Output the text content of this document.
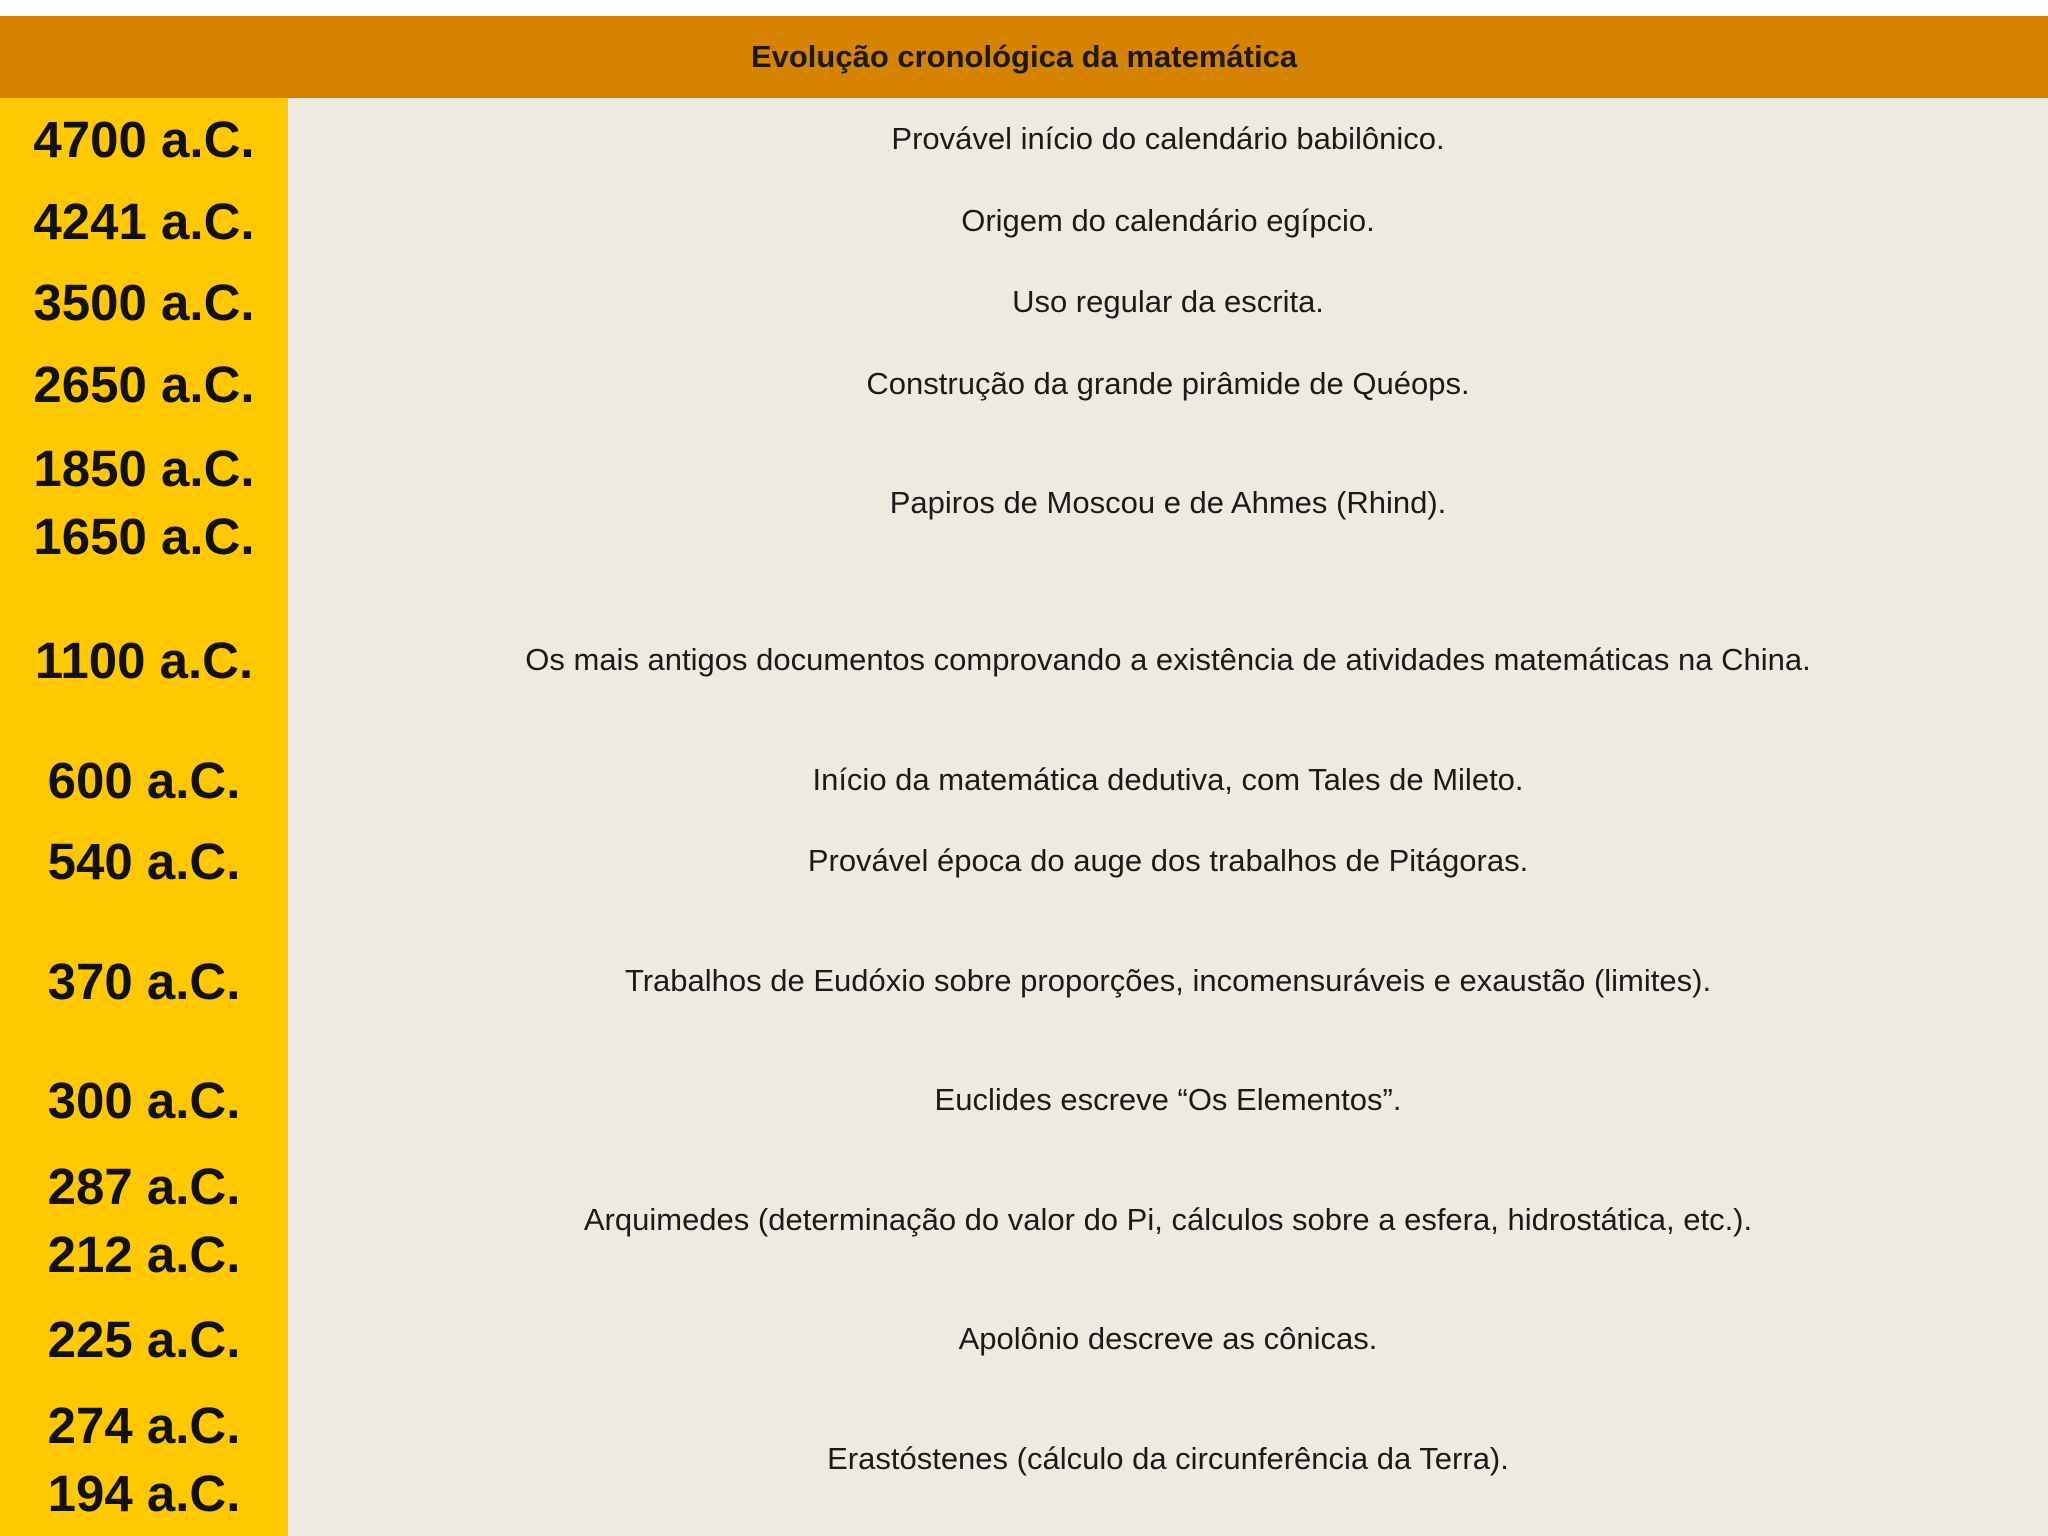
Evolução cronológica da matemática
4700 a.C.
4241 a.C.
3500 a.C.
2650 a.C.
1850 a.C.
1650 a.C.
1100 a.C.
600 a.C.
540 a.C.
370 a.C.
300 a.C.
287 a.C.
212 a.C.
225 a.C.
274 a.C.
194 a.C.
Provável início do calendário babilônico.
Origem do calendário egípcio.
Uso regular da escrita.
Construção da grande pirâmide de Quéops.
Papiros de Moscou e de Ahmes (Rhind).
Os mais antigos documentos comprovando a existência de atividades matemáticas na China.
Início da matemática dedutiva, com Tales de Mileto.
Provável época do auge dos trabalhos de Pitágoras.
Trabalhos de Eudóxio sobre proporções, incomensuráveis e exaustão (limites).
Euclides escreve “Os Elementos”.
Arquimedes (determinação do valor do Pi, cálculos sobre a esfera, hidrostática, etc.).
Apolônio descreve as cônicas.
Erastóstenes (cálculo da circunferência da Terra).
